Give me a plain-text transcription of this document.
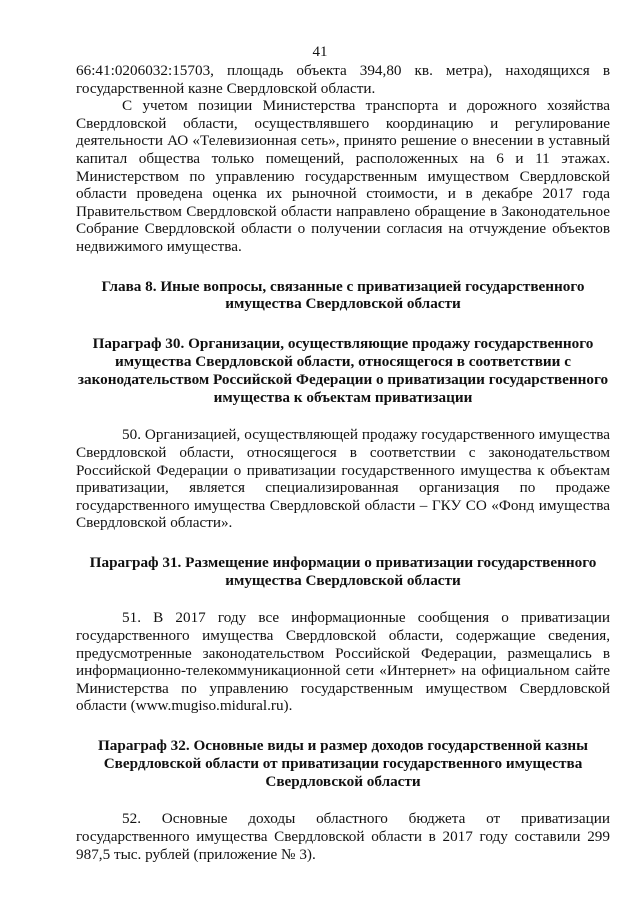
41

66:41:0206032:15703, площадь объекта 394,80 кв. метра), находящихся в государственной казне Свердловской области.

С учетом позиции Министерства транспорта и дорожного хозяйства Свердловской области, осуществлявшего координацию и регулирование деятельности АО «Телевизионная сеть», принято решение о внесении в уставный капитал общества только помещений, расположенных на 6 и 11 этажах. Министерством по управлению государственным имуществом Свердловской области проведена оценка их рыночной стоимости, и в декабре 2017 года Правительством Свердловской области направлено обращение в Законодательное Собрание Свердловской области о получении согласия на отчуждение объектов недвижимого имущества.

Глава 8. Иные вопросы, связанные с приватизацией государственного имущества Свердловской области

Параграф 30. Организации, осуществляющие продажу государственного имущества Свердловской области, относящегося в соответствии с законодательством Российской Федерации о приватизации государственного имущества к объектам приватизации

50. Организацией, осуществляющей продажу государственного имущества Свердловской области, относящегося в соответствии с законодательством Российской Федерации о приватизации государственного имущества к объектам приватизации, является специализированная организация по продаже государственного имущества Свердловской области – ГКУ СО «Фонд имущества Свердловской области».

Параграф 31. Размещение информации о приватизации государственного имущества Свердловской области

51. В 2017 году все информационные сообщения о приватизации государственного имущества Свердловской области, содержащие сведения, предусмотренные законодательством Российской Федерации, размещались в информационно-телекоммуникационной сети «Интернет» на официальном сайте Министерства по управлению государственным имуществом Свердловской области (www.mugiso.midural.ru).

Параграф 32. Основные виды и размер доходов государственной казны Свердловской области от приватизации государственного имущества Свердловской области

52. Основные доходы областного бюджета от приватизации государственного имущества Свердловской области в 2017 году составили 299 987,5 тыс. рублей (приложение № 3).
